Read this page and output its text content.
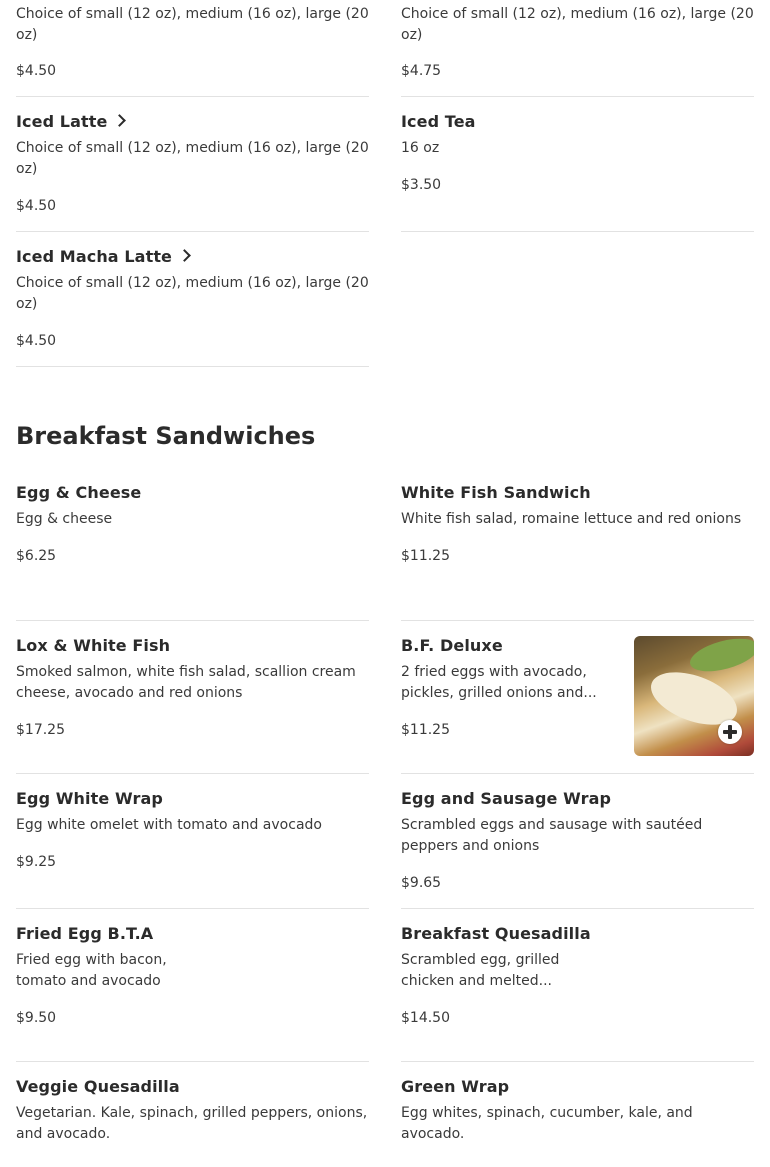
Choice of small (12 oz), medium (16 oz), large (20 oz)

$4.50

Choice of small (12 oz), medium (16 oz), large (20 oz)

$4.75
Iced Latte

Choice of small (12 oz), medium (16 oz), large (20 oz)

$4.50
Iced Tea

16 oz

$3.50
Iced Macha Latte

Choice of small (12 oz), medium (16 oz), large (20 oz)

$4.50
Breakfast Sandwiches
Egg & Cheese

Egg & cheese

$6.25
White Fish Sandwich

White fish salad, romaine lettuce and red onions

$11.25
Lox & White Fish

Smoked salmon, white fish salad, scallion cream cheese, avocado and red onions

$17.25
B.F. Deluxe

2 fried eggs with avocado, pickles, grilled onions and...

$11.25
Egg White Wrap

Egg white omelet with tomato and avocado

$9.25
Egg and Sausage Wrap

Scrambled eggs and sausage with sautéed peppers and onions

$9.65
Fried Egg B.T.A

Fried egg with bacon, tomato and avocado

$9.50
Breakfast Quesadilla

Scrambled egg, grilled chicken and melted...

$14.50
Veggie Quesadilla

Vegetarian. Kale, spinach, grilled peppers, onions, and avocado.

Green Wrap

Egg whites, spinach, cucumber, kale, and avocado.
